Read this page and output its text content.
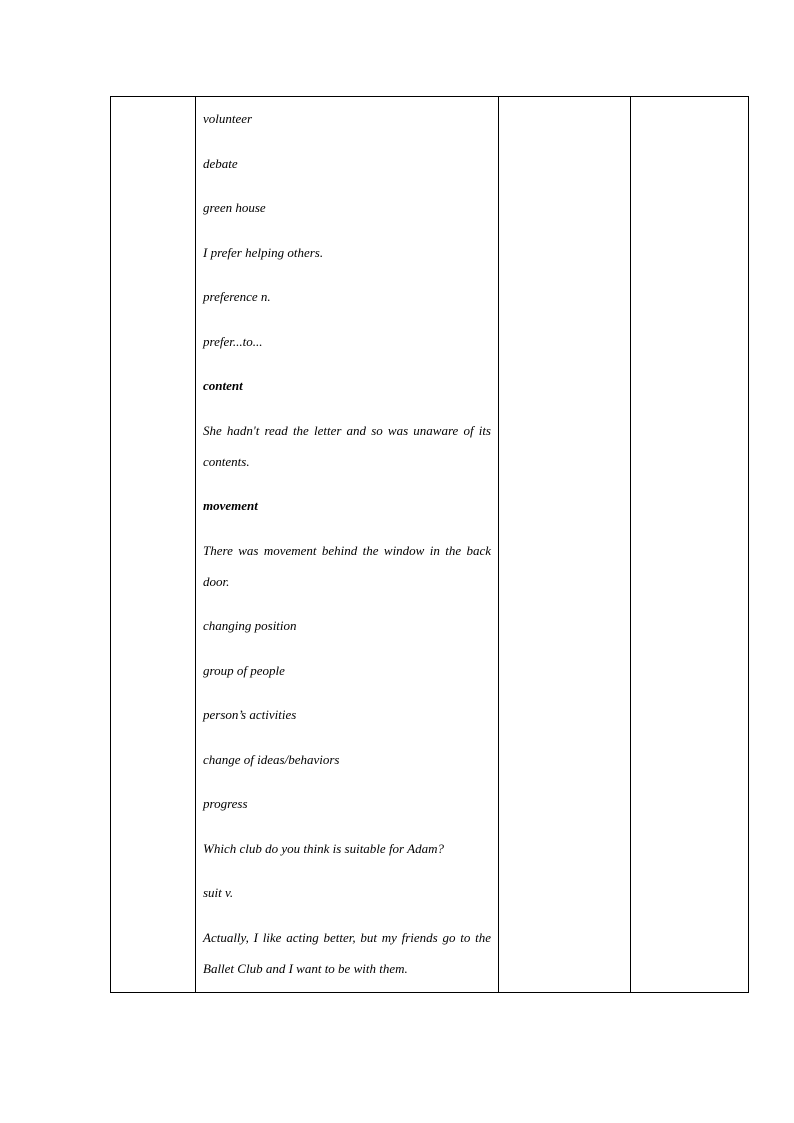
volunteer

debate

green house

I prefer helping others.

preference n.

prefer...to...

content

She hadn't read the letter and so was unaware of its contents.

movement

There was movement behind the window in the back door.

changing position

group of people

person’s activities

change of ideas/behaviors

progress

Which club do you think is suitable for Adam?

suit v.

Actually, I like acting better, but my friends go to the Ballet Club and I want to be with them.
